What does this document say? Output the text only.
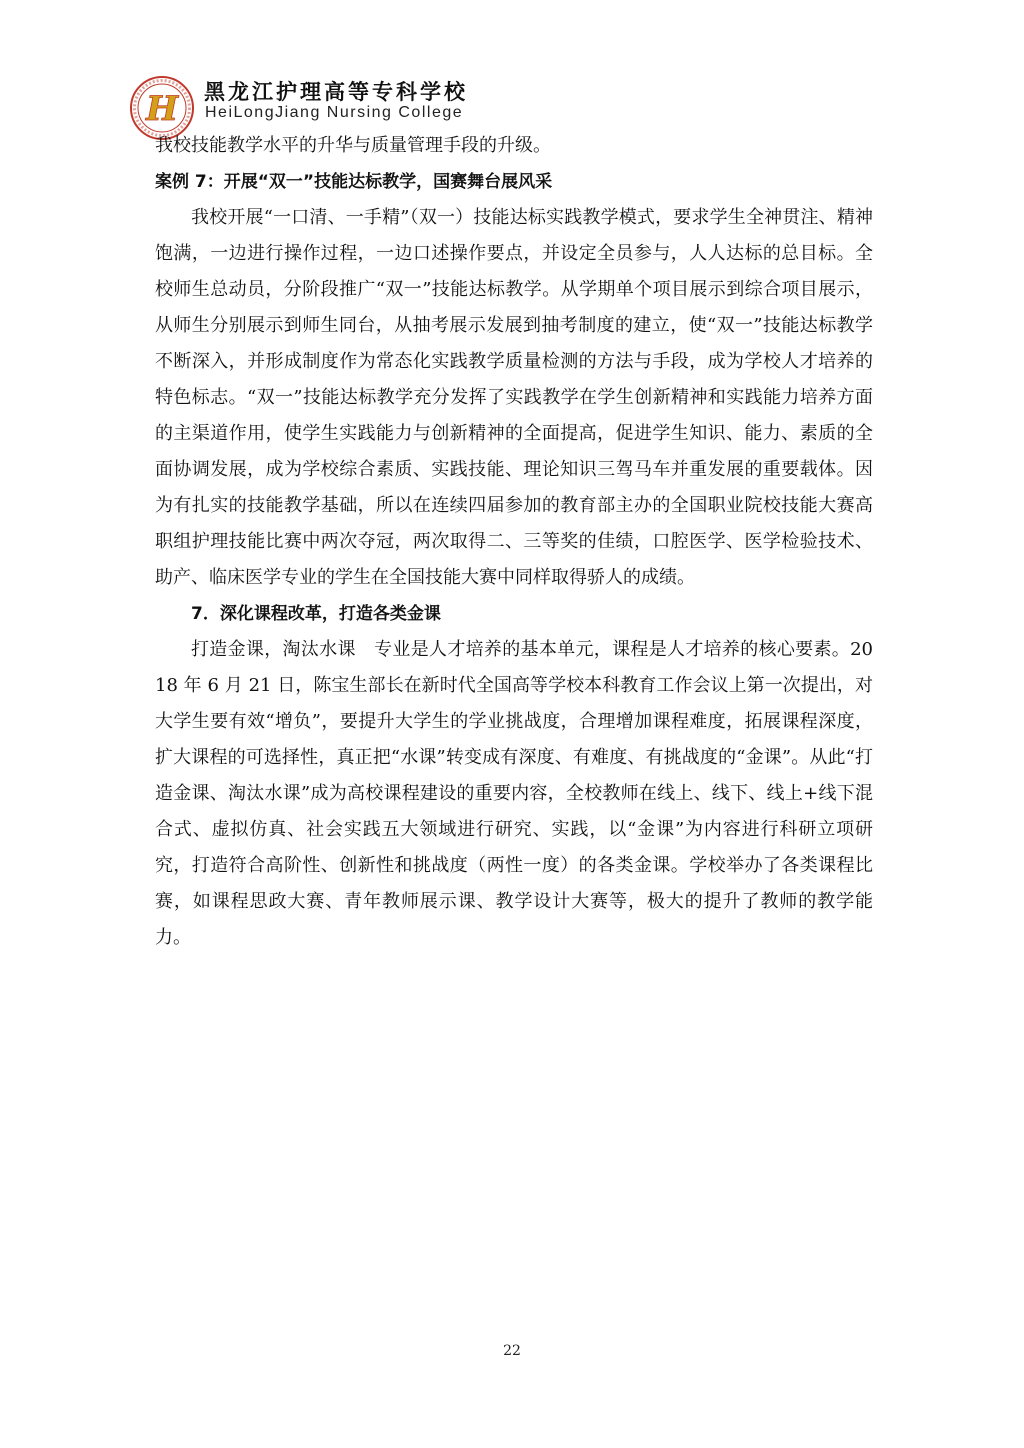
H 黑龙江护理高等专科学校
HeiLongJiang Nursing College

我校技能教学水平的升华与质量管理手段的升级。

案例 7：开展“双一”技能达标教学，国赛舞台展风采

我校开展“一口清、一手精”（双一）技能达标实践教学模式，要求学生全神贯注、精神饱满，一边进行操作过程，一边口述操作要点，并设定全员参与，人人达标的总目标。全校师生总动员，分阶段推广“双一”技能达标教学。从学期单个项目展示到综合项目展示，从师生分别展示到师生同台，从抽考展示发展到抽考制度的建立，使“双一”技能达标教学不断深入，并形成制度作为常态化实践教学质量检测的方法与手段，成为学校人才培养的特色标志。“双一”技能达标教学充分发挥了实践教学在学生创新精神和实践能力培养方面的主渠道作用，使学生实践能力与创新精神的全面提高，促进学生知识、能力、素质的全面协调发展，成为学校综合素质、实践技能、理论知识三驾马车并重发展的重要载体。因为有扎实的技能教学基础，所以在连续四届参加的教育部主办的全国职业院校技能大赛高职组护理技能比赛中两次夺冠，两次取得二、三等奖的佳绩，口腔医学、医学检验技术、助产、临床医学专业的学生在全国技能大赛中同样取得骄人的成绩。

7．深化课程改革，打造各类金课

打造金课，淘汰水课　专业是人才培养的基本单元，课程是人才培养的核心要素。2018 年 6 月 21 日，陈宝生部长在新时代全国高等学校本科教育工作会议上第一次提出，对大学生要有效“增负”，要提升大学生的学业挑战度，合理增加课程难度，拓展课程深度，扩大课程的可选择性，真正把“水课”转变成有深度、有难度、有挑战度的“金课”。从此“打造金课、淘汰水课”成为高校课程建设的重要内容，全校教师在线上、线下、线上+线下混合式、虚拟仿真、社会实践五大领域进行研究、实践，以“金课”为内容进行科研立项研究，打造符合高阶性、创新性和挑战度（两性一度）的各类金课。学校举办了各类课程比赛，如课程思政大赛、青年教师展示课、教学设计大赛等，极大的提升了教师的教学能力。

22
